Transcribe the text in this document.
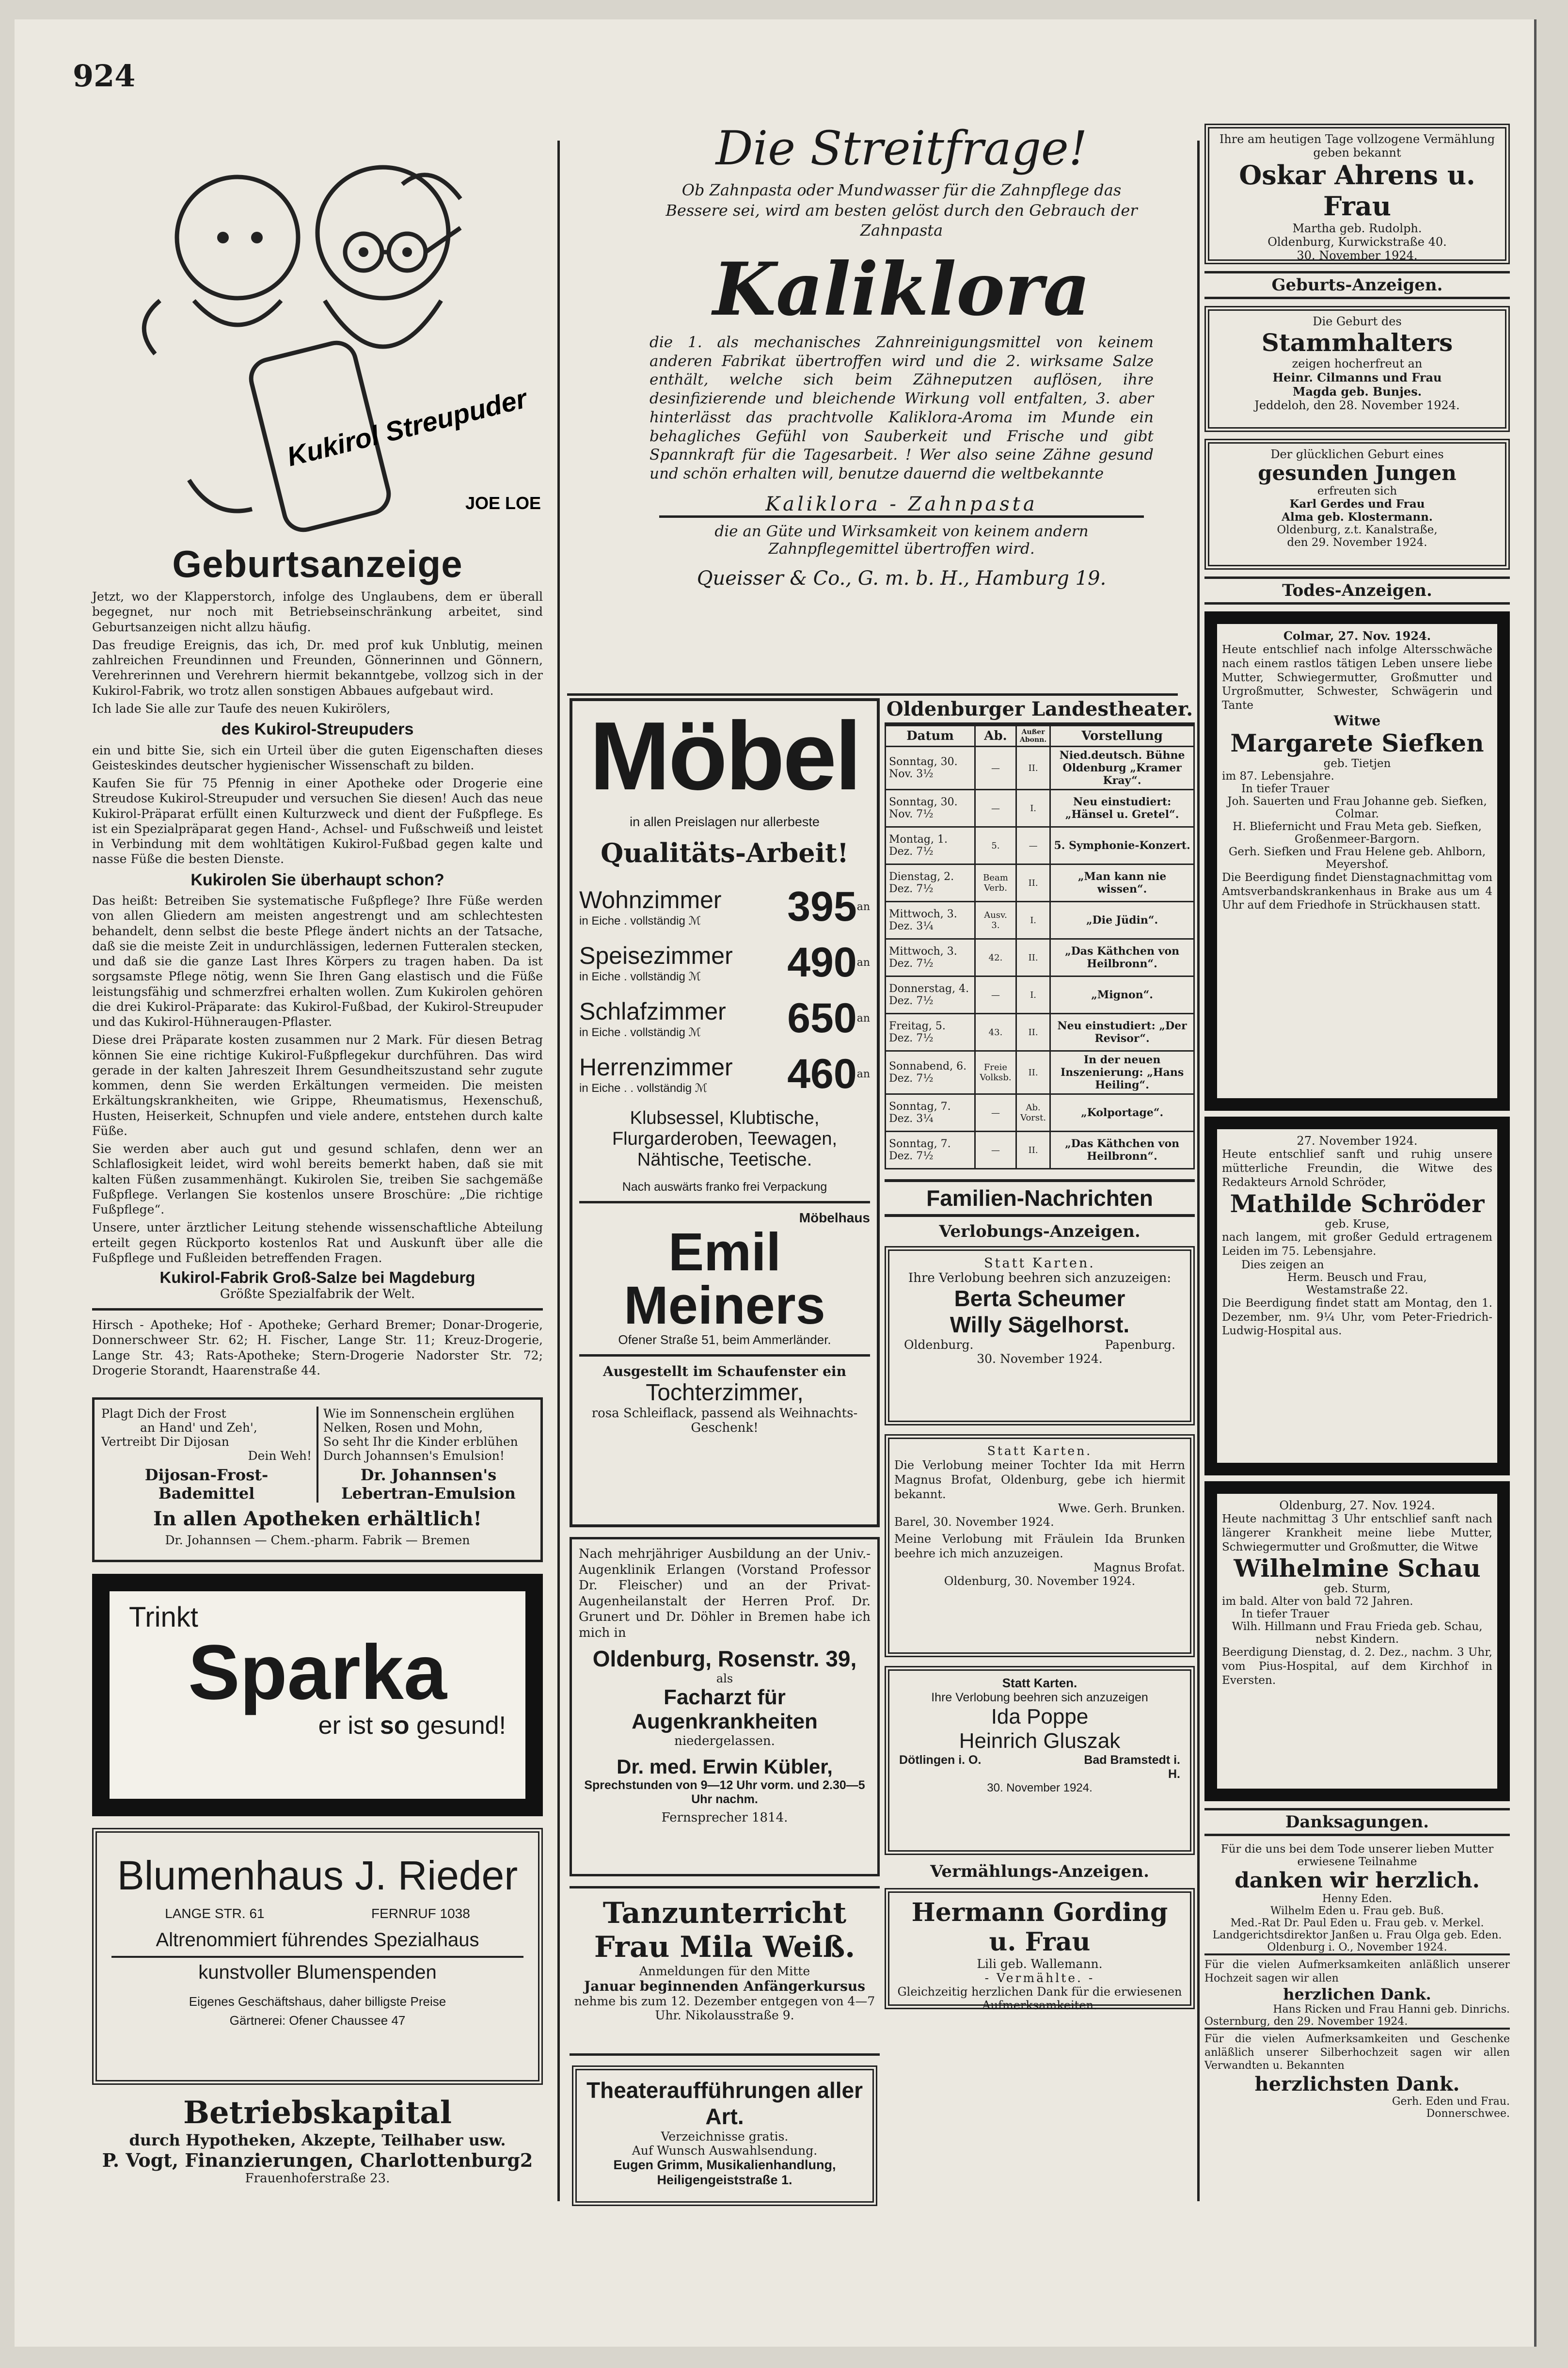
924
Kukirol Streupuder
JOE LOE
Geburtsanzeige

Jetzt, wo der Klapperstorch, infolge des Unglaubens, dem er überall begegnet, nur noch mit Betriebseinschränkung arbeitet, sind Geburtsanzeigen nicht allzu häufig.

Das freudige Ereignis, das ich, Dr. med prof kuk Unblutig, meinen zahlreichen Freundinnen und Freunden, Gönnerinnen und Gönnern, Verehrerinnen und Verehrern hiermit bekanntgebe, vollzog sich in der Kukirol-Fabrik, wo trotz allen sonstigen Abbaues aufgebaut wird.

Ich lade Sie alle zur Taufe des neuen Kukirölers,

des Kukirol-Streupuders

ein und bitte Sie, sich ein Urteil über die guten Eigenschaften dieses Geisteskindes deutscher hygienischer Wissenschaft zu bilden.

Kaufen Sie für 75 Pfennig in einer Apotheke oder Drogerie eine Streudose Kukirol-Streupuder und versuchen Sie diesen! Auch das neue Kukirol-Präparat erfüllt einen Kulturzweck und dient der Fußpflege. Es ist ein Spezialpräparat gegen Hand-, Achsel- und Fußschweiß und leistet in Verbindung mit dem wohltätigen Kukirol-Fußbad gegen kalte und nasse Füße die besten Dienste.

Kukirolen Sie überhaupt schon?

Das heißt: Betreiben Sie systematische Fußpflege? Ihre Füße werden von allen Gliedern am meisten angestrengt und am schlechtesten behandelt, denn selbst die beste Pflege ändert nichts an der Tatsache, daß sie die meiste Zeit in undurchlässigen, ledernen Futteralen stecken, und daß sie die ganze Last Ihres Körpers zu tragen haben. Da ist sorgsamste Pflege nötig, wenn Sie Ihren Gang elastisch und die Füße leistungsfähig und schmerzfrei erhalten wollen. Zum Kukirolen gehören die drei Kukirol-Präparate: das Kukirol-Fußbad, der Kukirol-Streupuder und das Kukirol-Hühneraugen-Pflaster.

Diese drei Präparate kosten zusammen nur 2 Mark. Für diesen Betrag können Sie eine richtige Kukirol-Fußpflegekur durchführen. Das wird gerade in der kalten Jahreszeit Ihrem Gesundheitszustand sehr zugute kommen, denn Sie werden Erkältungen vermeiden. Die meisten Erkältungskrankheiten, wie Grippe, Rheumatismus, Hexenschuß, Husten, Heiserkeit, Schnupfen und viele andere, entstehen durch kalte Füße.

Sie werden aber auch gut und gesund schlafen, denn wer an Schlaflosigkeit leidet, wird wohl bereits bemerkt haben, daß sie mit kalten Füßen zusammenhängt. Kukirolen Sie, treiben Sie sachgemäße Fußpflege. Verlangen Sie kostenlos unsere Broschüre: „Die richtige Fußpflege“.

Unsere, unter ärztlicher Leitung stehende wissenschaftliche Abteilung erteilt gegen Rückporto kostenlos Rat und Auskunft über alle die Fußpflege und Fußleiden betreffenden Fragen.

Kukirol-Fabrik Groß-Salze bei Magdeburg
Größte Spezialfabrik der Welt.
Hirsch - Apotheke; Hof - Apotheke; Gerhard Bremer; Donar-Drogerie, Donnerschweer Str. 62; H. Fischer, Lange Str. 11; Kreuz-Drogerie, Lange Str. 43; Rats-Apotheke; Stern-Drogerie Nadorster Str. 72; Drogerie Storandt, Haarenstraße 44.
Plagt Dich der Frost
an Hand' und Zeh',
Vertreibt Dir Dijosan
Dein Weh!
Dijosan-Frost-Bademittel
Wie im Sonnenschein erglühen
Nelken, Rosen und Mohn,
So seht Ihr die Kinder erblühen
Durch Johannsen's Emulsion!
Dr. Johannsen's Lebertran-Emulsion
In allen Apotheken erhältlich!
Dr. Johannsen — Chem.-pharm. Fabrik — Bremen
Trinkt
Sparka
er ist so gesund!
Blumenhaus J. Rieder
LANGE STR. 61	FERNRUF 1038
Altrenommiert führendes Spezialhaus
kunstvoller Blumenspenden
Eigenes Geschäftshaus, daher billigste Preise
Gärtnerei: Ofener Chaussee 47
Betriebskapital
durch Hypotheken, Akzepte, Teilhaber usw.
P. Vogt, Finanzierungen, Charlottenburg2
Frauenhoferstraße 23.
Die Streitfrage!
Ob Zahnpasta oder Mundwasser für die Zahnpflege das Bessere sei, wird am besten gelöst durch den Gebrauch der Zahnpasta
Kaliklora
die 1. als mechanisches Zahnreinigungsmittel von keinem anderen Fabrikat übertroffen wird und die 2. wirksame Salze enthält, welche sich beim Zähneputzen auflösen, ihre desinfizierende und bleichende Wirkung voll entfalten, 3. aber hinterlässt das prachtvolle Kaliklora-Aroma im Munde ein behagliches Gefühl von Sauberkeit und Frische und gibt Spannkraft für die Tagesarbeit. ! Wer also seine Zähne gesund und schön erhalten will, benutze dauernd die weltbekannte
Kaliklora - Zahnpasta
die an Güte und Wirksamkeit von keinem andern Zahnpflegemittel übertroffen wird.
Queisser & Co., G. m. b. H., Hamburg 19.
Möbel
in allen Preislagen nur allerbeste
Qualitäts-Arbeit!
Wohnzimmer
in Eiche . vollständig ℳ	395 an
Speisezimmer
in Eiche . vollständig ℳ	490 an
Schlafzimmer
in Eiche . vollständig ℳ	650 an
Herrenzimmer
in Eiche . . vollständig ℳ	460 an
Klubsessel, Klubtische, Flurgarderoben, Teewagen, Nähtische, Teetische.
Nach auswärts franko frei Verpackung
Möbelhaus
Emil Meiners
Ofener Straße 51, beim Ammerländer.
Ausgestellt im Schaufenster ein
Tochterzimmer,
rosa Schleiflack, passend als Weihnachts-Geschenk!
Nach mehrjähriger Ausbildung an der Univ.-Augenklinik Erlangen (Vorstand Professor Dr. Fleischer) und an der Privat-Augenheilanstalt der Herren Prof. Dr. Grunert und Dr. Döhler in Bremen habe ich mich in
Oldenburg, Rosenstr. 39,
als
Facharzt für Augenkrankheiten
niedergelassen.
Dr. med. Erwin Kübler,
Sprechstunden von 9—12 Uhr vorm. und 2.30—5 Uhr nachm.
Fernsprecher 1814.
Tanzunterricht
Frau Mila Weiß.
Anmeldungen für den Mitte
Januar beginnenden Anfängerkursus
nehme bis zum 12. Dezember entgegen von 4—7 Uhr. Nikolausstraße 9.
Theateraufführungen aller Art.
Verzeichnisse gratis.
Auf Wunsch Auswahlsendung.
Eugen Grimm, Musikalienhandlung,
Heiligengeiststraße 1.
Oldenburger Landestheater.
Datum	Ab.	Außer Abonn.	Vorstellung
Sonntag, 30. Nov. 3½	—	II.	Nied.deutsch. Bühne Oldenburg „Kramer Kray“.
Sonntag, 30. Nov. 7½	—	I.	Neu einstudiert: „Hänsel u. Gretel“.
Montag, 1. Dez. 7½	5.	—	5. Symphonie-Konzert.
Dienstag, 2. Dez. 7½	Beam Verb.	II.	„Man kann nie wissen“.
Mittwoch, 3. Dez. 3¼	Ausv. 3.	I.	„Die Jüdin“.
Mittwoch, 3. Dez. 7½	42.	II.	„Das Käthchen von Heilbronn“.
Donnerstag, 4. Dez. 7½	—	I.	„Mignon“.
Freitag, 5. Dez. 7½	43.	II.	Neu einstudiert: „Der Revisor“.
Sonnabend, 6. Dez. 7½	Freie Volksb.	II.	In der neuen Inszenierung: „Hans Heiling“.
Sonntag, 7. Dez. 3¼	—	Ab. Vorst.	„Kolportage“.
Sonntag, 7. Dez. 7½	—	II.	„Das Käthchen von Heilbronn“.
Familien-Nachrichten
Verlobungs-Anzeigen.
Statt Karten.
Ihre Verlobung beehren sich anzuzeigen:
Berta Scheumer
Willy Sägelhorst.
Oldenburg.	Papenburg.
30. November 1924.
Statt Karten.
Die Verlobung meiner Tochter Ida mit Herrn Magnus Brofat, Oldenburg, gebe ich hiermit bekannt.
Wwe. Gerh. Brunken.
Barel, 30. November 1924.
Meine Verlobung mit Fräulein Ida Brunken beehre ich mich anzuzeigen.
Magnus Brofat.
Oldenburg, 30. November 1924.
Statt Karten.
Ihre Verlobung beehren sich anzuzeigen
Ida Poppe
Heinrich Gluszak
Dötlingen i. O.	Bad Bramstedt i. H.
30. November 1924.
Vermählungs-Anzeigen.
Hermann Gording u. Frau
Lili geb. Wallemann.
- Vermählte. -
Gleichzeitig herzlichen Dank für die erwiesenen Aufmerksamkeiten.
Ihre am heutigen Tage vollzogene Vermählung geben bekannt
Oskar Ahrens u. Frau
Martha geb. Rudolph.
Oldenburg, Kurwickstraße 40.
30. November 1924.
Geburts-Anzeigen.
Die Geburt des
Stammhalters
zeigen hocherfreut an
Heinr. Cilmanns und Frau
Magda geb. Bunjes.
Jeddeloh, den 28. November 1924.
Der glücklichen Geburt eines
gesunden Jungen
erfreuten sich
Karl Gerdes und Frau
Alma geb. Klostermann.
Oldenburg, z.t. Kanalstraße,
den 29. November 1924.
Todes-Anzeigen.
Colmar, 27. Nov. 1924.
Heute entschlief nach infolge Altersschwäche nach einem rastlos tätigen Leben unsere liebe Mutter, Schwiegermutter, Großmutter und Urgroßmutter, Schwester, Schwägerin und Tante
Witwe
Margarete Siefken
geb. Tietjen
im 87. Lebensjahre.
In tiefer Trauer
Joh. Sauerten und Frau Johanne geb. Siefken, Colmar.
H. Bliefernicht und Frau Meta geb. Siefken, Großenmeer-Bargorn.
Gerh. Siefken und Frau Helene geb. Ahlborn, Meyershof.
Die Beerdigung findet Dienstagnachmittag vom Amtsverbandskrankenhaus in Brake aus um 4 Uhr auf dem Friedhofe in Strückhausen statt.
27. November 1924.
Heute entschlief sanft und ruhig unsere mütterliche Freundin, die Witwe des Redakteurs Arnold Schröder,
Mathilde Schröder
geb. Kruse,
nach langem, mit großer Geduld ertragenem Leiden im 75. Lebensjahre.
Dies zeigen an
Herm. Beusch und Frau,
Westamstraße 22.
Die Beerdigung findet statt am Montag, den 1. Dezember, nm. 9¼ Uhr, vom Peter-Friedrich-Ludwig-Hospital aus.
Oldenburg, 27. Nov. 1924.
Heute nachmittag 3 Uhr entschlief sanft nach längerer Krankheit meine liebe Mutter, Schwiegermutter und Großmutter, die Witwe
Wilhelmine Schau
geb. Sturm,
im bald. Alter von bald 72 Jahren.
In tiefer Trauer
Wilh. Hillmann und Frau Frieda geb. Schau, nebst Kindern.
Beerdigung Dienstag, d. 2. Dez., nachm. 3 Uhr, vom Pius-Hospital, auf dem Kirchhof in Eversten.
Danksagungen.
Für die uns bei dem Tode unserer lieben Mutter erwiesene Teilnahme
danken wir herzlich.
Henny Eden.
Wilhelm Eden u. Frau geb. Buß.
Med.-Rat Dr. Paul Eden u. Frau geb. v. Merkel.
Landgerichtsdirektor Janßen u. Frau Olga geb. Eden.
Oldenburg i. O., November 1924.
Für die vielen Aufmerksamkeiten anläßlich unserer Hochzeit sagen wir allen
herzlichen Dank.
Hans Ricken und Frau Hanni geb. Dinrichs.
Osternburg, den 29. November 1924.
Für die vielen Aufmerksamkeiten und Geschenke anläßlich unserer Silberhochzeit sagen wir allen Verwandten u. Bekannten
herzlichsten Dank.
Gerh. Eden und Frau.
Donnerschwee.
